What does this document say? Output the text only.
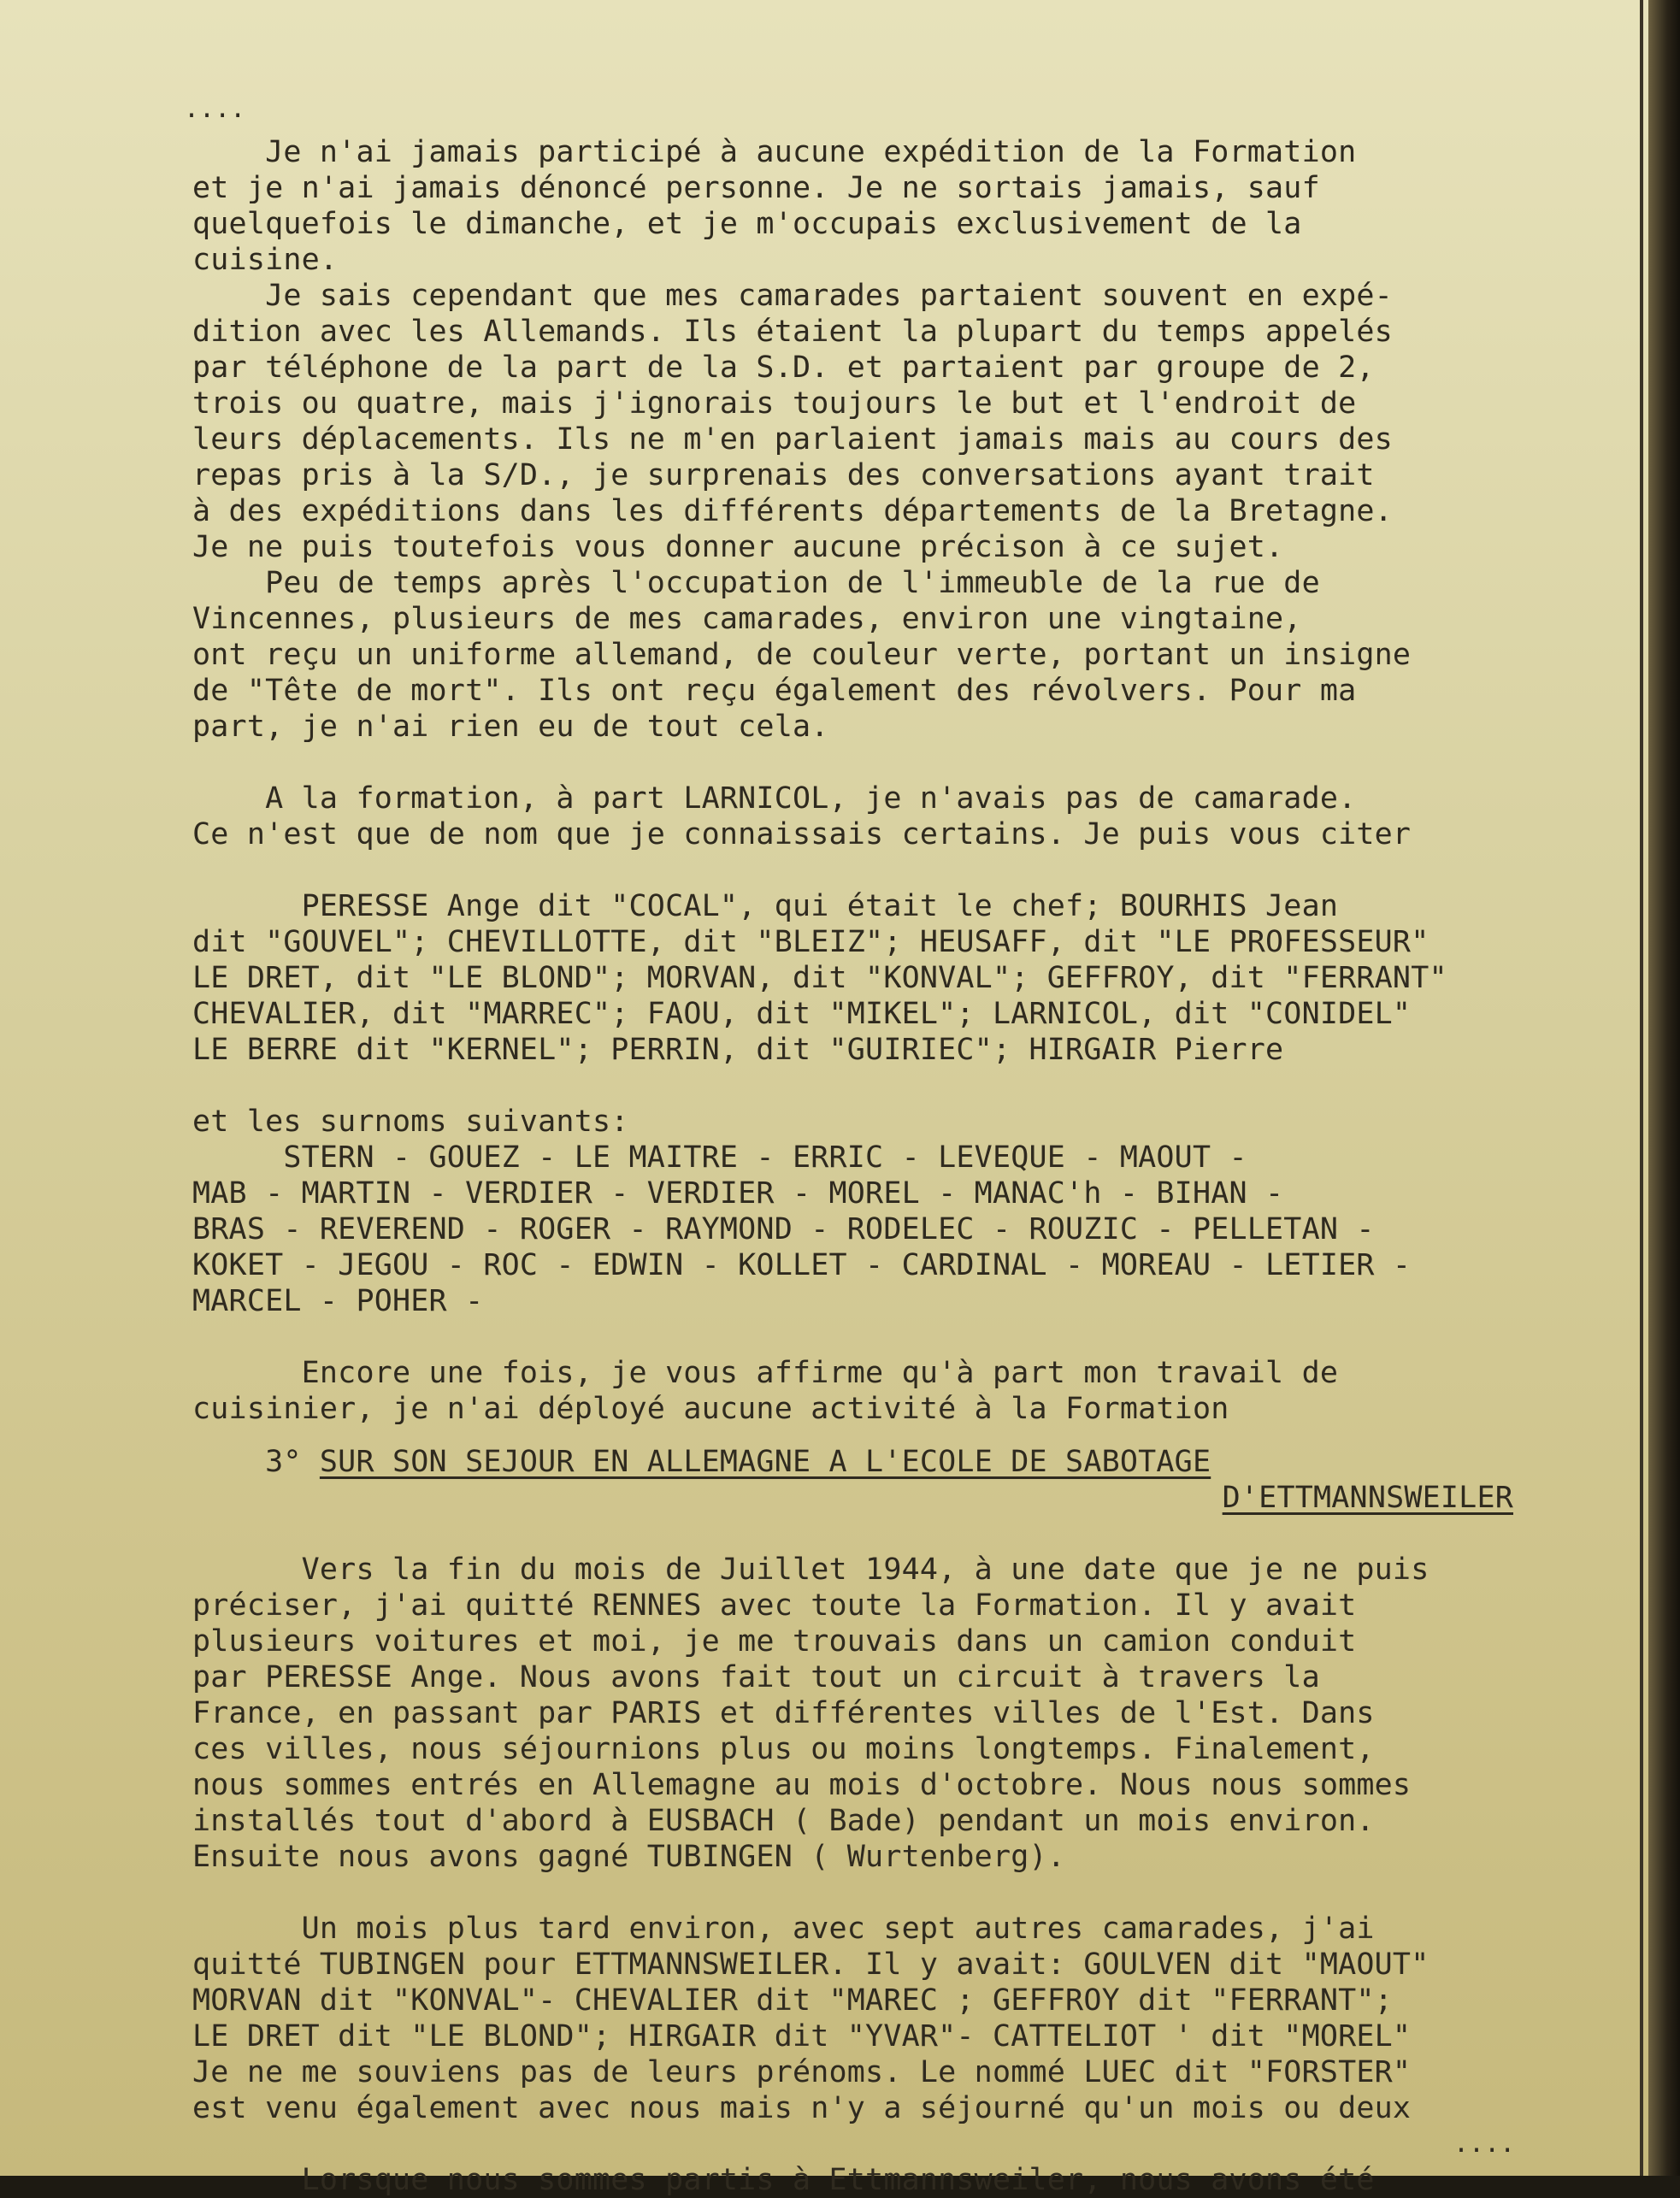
....
Je n'ai jamais participé à aucune expédition de la Formation
et je n'ai jamais dénoncé personne. Je ne sortais jamais, sauf
quelquefois le dimanche, et je m'occupais exclusivement de la
cuisine.
Je sais cependant que mes camarades partaient souvent en expé-
dition avec les Allemands. Ils étaient la plupart du temps appelés
par téléphone de la part de la S.D. et partaient par groupe de 2,
trois ou quatre, mais j'ignorais toujours le but et l'endroit de
leurs déplacements. Ils ne m'en parlaient jamais mais au cours des
repas pris à la S/D., je surprenais des conversations ayant trait
à des expéditions dans les différents départements de la Bretagne.
Je ne puis toutefois vous donner aucune précison à ce sujet.
Peu de temps après l'occupation de l'immeuble de la rue de
Vincennes, plusieurs de mes camarades, environ une vingtaine,
ont reçu un uniforme allemand, de couleur verte, portant un insigne
de "Tête de mort". Ils ont reçu également des révolvers. Pour ma
part, je n'ai rien eu de tout cela.
A la formation, à part LARNICOL, je n'avais pas de camarade.
Ce n'est que de nom que je connaissais certains. Je puis vous citer
PERESSE Ange dit "COCAL", qui était le chef; BOURHIS Jean
dit "GOUVEL"; CHEVILLOTTE, dit "BLEIZ"; HEUSAFF, dit "LE PROFESSEUR"
LE DRET, dit "LE BLOND"; MORVAN, dit "KONVAL"; GEFFROY, dit "FERRANT"
CHEVALIER, dit "MARREC"; FAOU, dit "MIKEL"; LARNICOL, dit "CONIDEL"
LE BERRE dit "KERNEL"; PERRIN, dit "GUIRIEC"; HIRGAIR Pierre
et les surnoms suivants:
STERN - GOUEZ - LE MAITRE - ERRIC - LEVEQUE - MAOUT -
MAB - MARTIN - VERDIER - VERDIER - MOREL - MANAC'h - BIHAN -
BRAS - REVEREND - ROGER - RAYMOND - RODELEC - ROUZIC - PELLETAN -
KOKET - JEGOU - ROC - EDWIN - KOLLET - CARDINAL - MOREAU - LETIER -
MARCEL - POHER -
Encore une fois, je vous affirme qu'à part mon travail de
cuisinier, je n'ai déployé aucune activité à la Formation
3° SUR SON SEJOUR EN ALLEMAGNE A L'ECOLE DE SABOTAGE
D'ETTMANNSWEILER
Vers la fin du mois de Juillet 1944, à une date que je ne puis
préciser, j'ai quitté RENNES avec toute la Formation. Il y avait
plusieurs voitures et moi, je me trouvais dans un camion conduit
par PERESSE Ange. Nous avons fait tout un circuit à travers la
France, en passant par PARIS et différentes villes de l'Est. Dans
ces villes, nous séjournions plus ou moins longtemps. Finalement,
nous sommes entrés en Allemagne au mois d'octobre. Nous nous sommes
installés tout d'abord à EUSBACH ( Bade) pendant un mois environ.
Ensuite nous avons gagné TUBINGEN ( Wurtenberg).
Un mois plus tard environ, avec sept autres camarades, j'ai
quitté TUBINGEN pour ETTMANNSWEILER. Il y avait: GOULVEN dit "MAOUT"
MORVAN dit "KONVAL"- CHEVALIER dit "MAREC ; GEFFROY dit "FERRANT";
LE DRET dit "LE BLOND"; HIRGAIR dit "YVAR"- CATTELIOT ' dit "MOREL"
Je ne me souviens pas de leurs prénoms. Le nommé LUEC dit "FORSTER"
est venu également avec nous mais n'y a séjourné qu'un mois ou deux
Lorsque nous sommes partis à Ettmannsweiler, nous avons été
....
